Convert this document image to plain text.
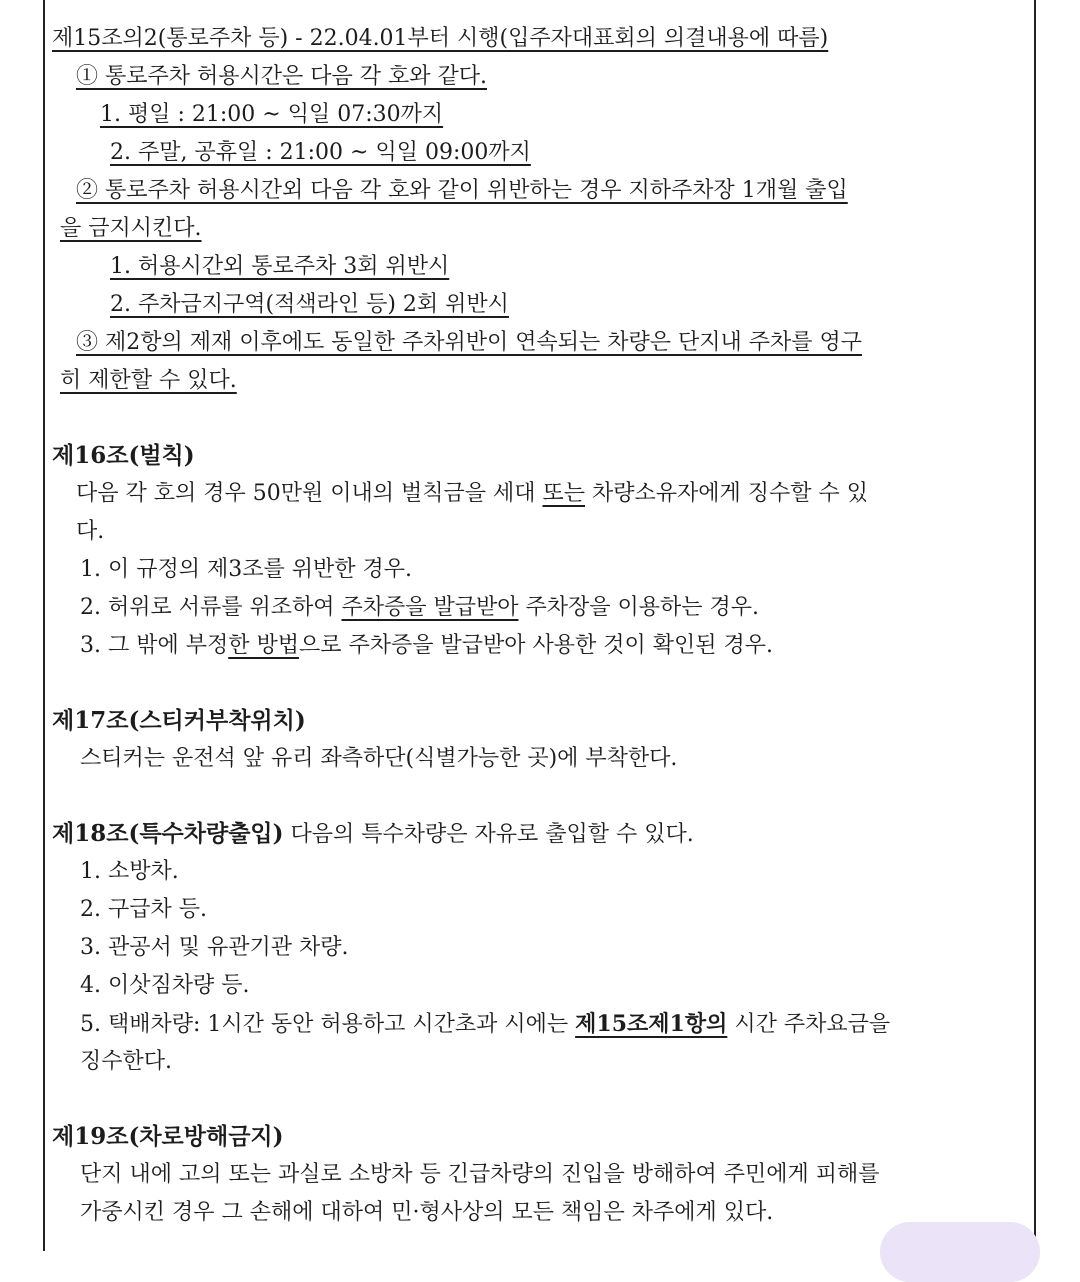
제15조의2(통로주차 등) - 22.04.01부터 시행(입주자대표회의 의결내용에 따름)
① 통로주차 허용시간은 다음 각 호와 같다.
1. 평일 : 21:00 ~ 익일 07:30까지
2. 주말, 공휴일 : 21:00 ~ 익일 09:00까지
② 통로주차 허용시간외 다음 각 호와 같이 위반하는 경우 지하주차장 1개월 출입
을 금지시킨다.
1. 허용시간외 통로주차 3회 위반시
2. 주차금지구역(적색라인 등) 2회 위반시
③ 제2항의 제재 이후에도 동일한 주차위반이 연속되는 차량은 단지내 주차를 영구
히 제한할 수 있다.
제16조(벌칙)
다음 각 호의 경우 50만원 이내의 벌칙금을 세대 또는 차량소유자에게 징수할 수 있
다.
1. 이 규정의 제3조를 위반한 경우.
2. 허위로 서류를 위조하여 주차증을 발급받아 주차장을 이용하는 경우.
3. 그 밖에 부정한 방법으로 주차증을 발급받아 사용한 것이 확인된 경우.
제17조(스티커부착위치)
스티커는 운전석 앞 유리 좌측하단(식별가능한 곳)에 부착한다.
제18조(특수차량출입) 다음의 특수차량은 자유로 출입할 수 있다.
1. 소방차.
2. 구급차 등.
3. 관공서 및 유관기관 차량.
4. 이삿짐차량 등.
5. 택배차량: 1시간 동안 허용하고 시간초과 시에는 제15조제1항의 시간 주차요금을
징수한다.
제19조(차로방해금지)
단지 내에 고의 또는 과실로 소방차 등 긴급차량의 진입을 방해하여 주민에게 피해를
가중시킨 경우 그 손해에 대하여 민·형사상의 모든 책임은 차주에게 있다.
